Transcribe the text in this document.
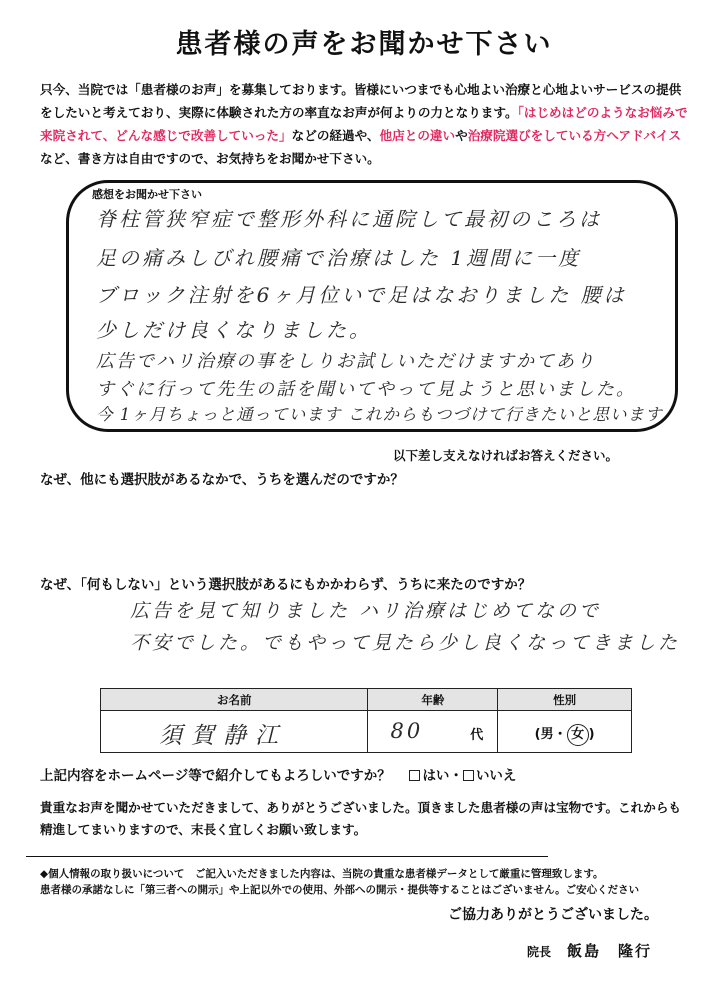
患者様の声をお聞かせ下さい
只今、当院では「患者様のお声」を募集しております。皆様にいつまでも心地よい治療と心地よいサービスの提供をしたいと考えており、実際に体験された方の率直なお声が何よりの力となります。「はじめはどのようなお悩みで来院されて、どんな感じで改善していった」などの経過や、他店との違いや治療院選びをしている方へアドバイスなど、書き方は自由ですので、お気持ちをお聞かせ下さい。
感想をお聞かせ下さい
脊柱管狭窄症で整形外科に通院して最初のころは
足の痛みしびれ腰痛で治療はした 1週間に一度
ブロック注射を6ヶ月位いで足はなおりました 腰は
少しだけ良くなりました。
広告でハリ治療の事をしりお試しいただけますかてあり
すぐに行って先生の話を聞いてやって見ようと思いました。
今 1ヶ月ちょっと通っています これからもつづけて行きたいと思います
以下差し支えなければお答えください。
なぜ、他にも選択肢があるなかで、うちを選んだのですか？
なぜ、「何もしない」という選択肢があるにもかかわらず、うちに来たのですか？
広告を見て知りました ハリ治療はじめてなので
不安でした。でもやって見たら少し良くなってきました
お名前	年齢	性別

須賀静江	80 代	(男・ 女 )
上記内容をホームページ等で紹介してもよろしいですか？ はい・ いいえ
貴重なお声を聞かせていただきまして、ありがとうございました。頂きました患者様の声は宝物です。これからも精進してまいりますので、末長く宜しくお願い致します。
◆個人情報の取り扱いについて　ご記入いただきました内容は、当院の貴重な患者様データとして厳重に管理致します。
患者様の承諾なしに「第三者への開示」や上記以外での使用、外部への開示・提供等することはございません。ご安心ください
ご協力ありがとうございました。
院長 飯島　 隆行
